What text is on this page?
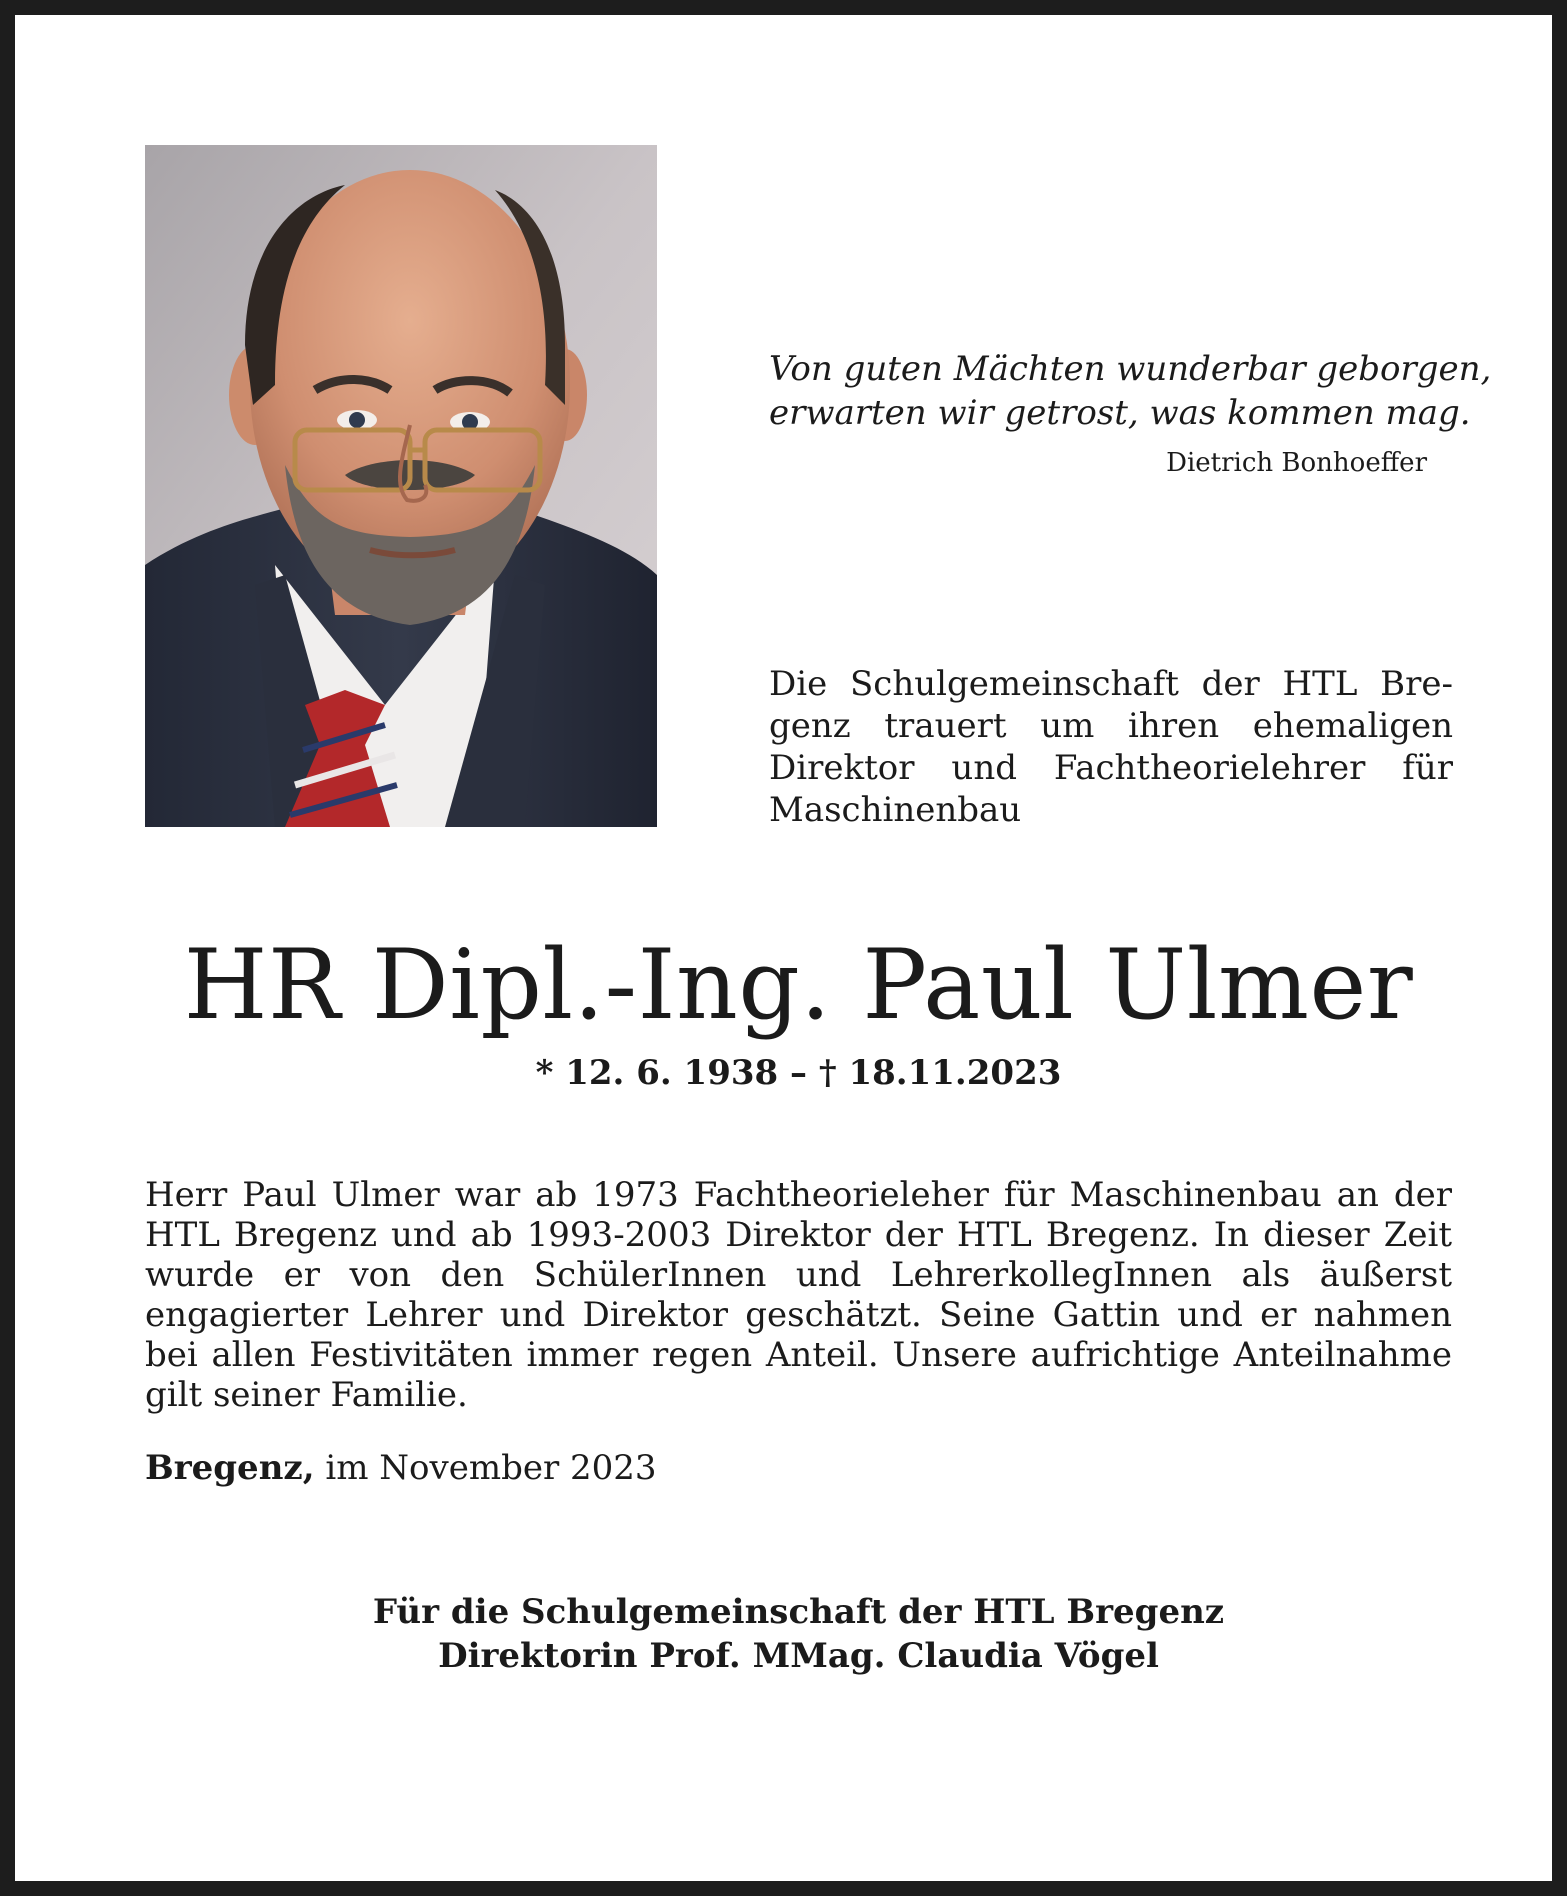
Von guten Mächten wunderbar geborgen,

erwarten wir getrost, was kommen mag.

Dietrich Bonhoeffer

Die Schulgemeinschaft der HTL Bregenz trauert um ihren ehemaligen Direktor und Fachtheorielehrer für Maschinenbau

HR Dipl.-Ing. Paul Ulmer

* 12. 6. 1938 – † 18.11.2023

Herr Paul Ulmer war ab 1973 Fachtheorieleher für Maschinenbau an der HTL Bregenz und ab 1993-2003 Direktor der HTL Bregenz. In dieser Zeit wurde er von den SchülerInnen und LehrerkollegInnen als äußerst engagierter Lehrer und Direktor geschätzt. Seine Gattin und er nahmen bei allen Festivitäten immer regen Anteil. Unsere aufrichtige Anteilnahme gilt seiner Familie.

Bregenz, im November 2023

Für die Schulgemeinschaft der HTL Bregenz
Direktorin Prof. MMag. Claudia Vögel
